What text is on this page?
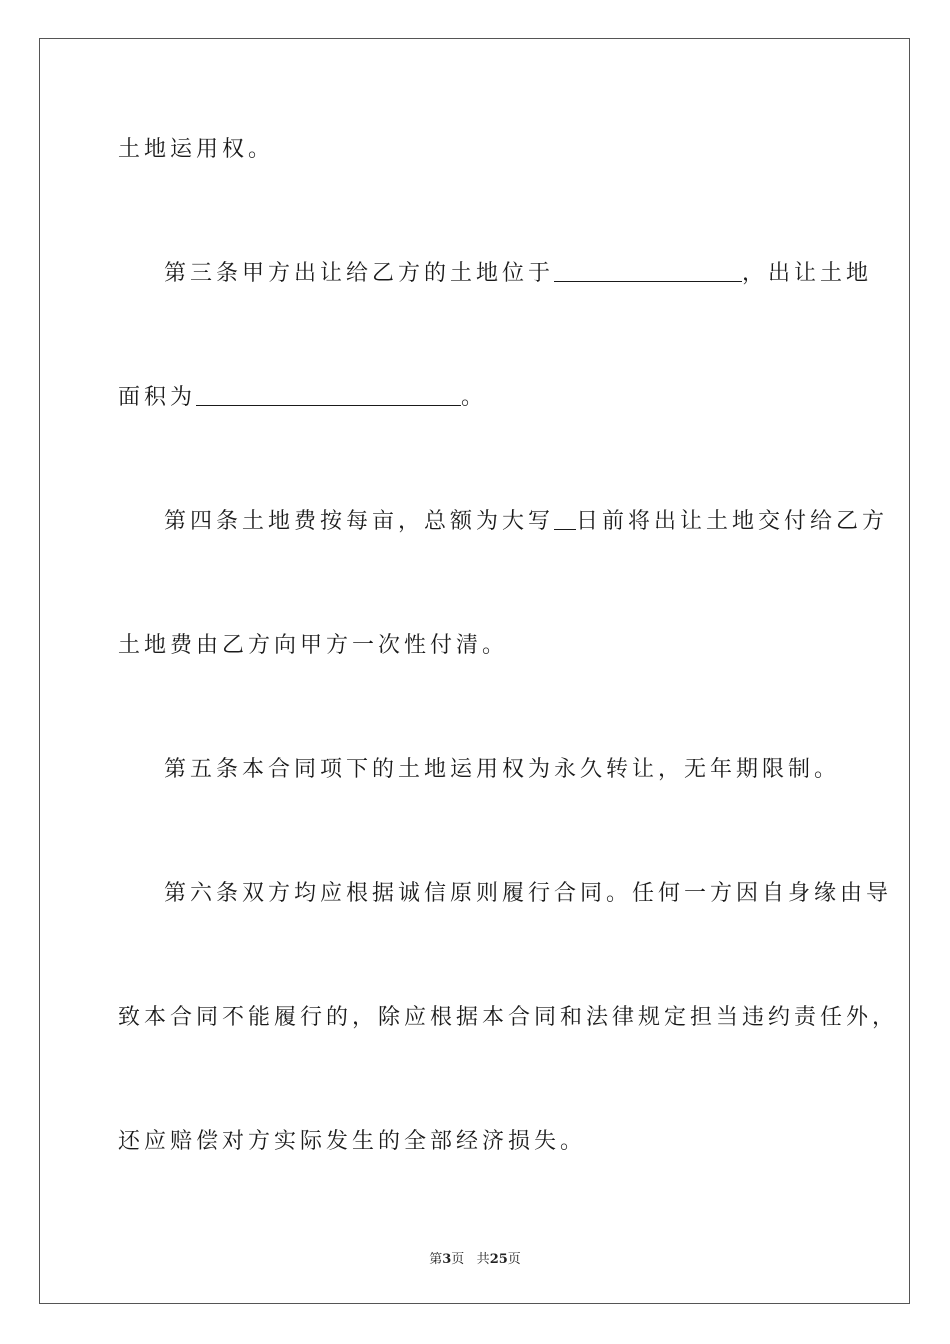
土地运用权。
第三条甲方出让给乙方的土地位于	，出让土地
面积为	。
第四条土地费按每亩，总额为大写 日前将出让土地交付给乙方
土地费由乙方向甲方一次性付清。
第五条本合同项下的土地运用权为永久转让，无年期限制。
第六条双方均应根据诚信原则履行合同。任何一方因自身缘由导
致本合同不能履行的，除应根据本合同和法律规定担当违约责任外，
还应赔偿对方实际发生的全部经济损失。
第3页 共25页
